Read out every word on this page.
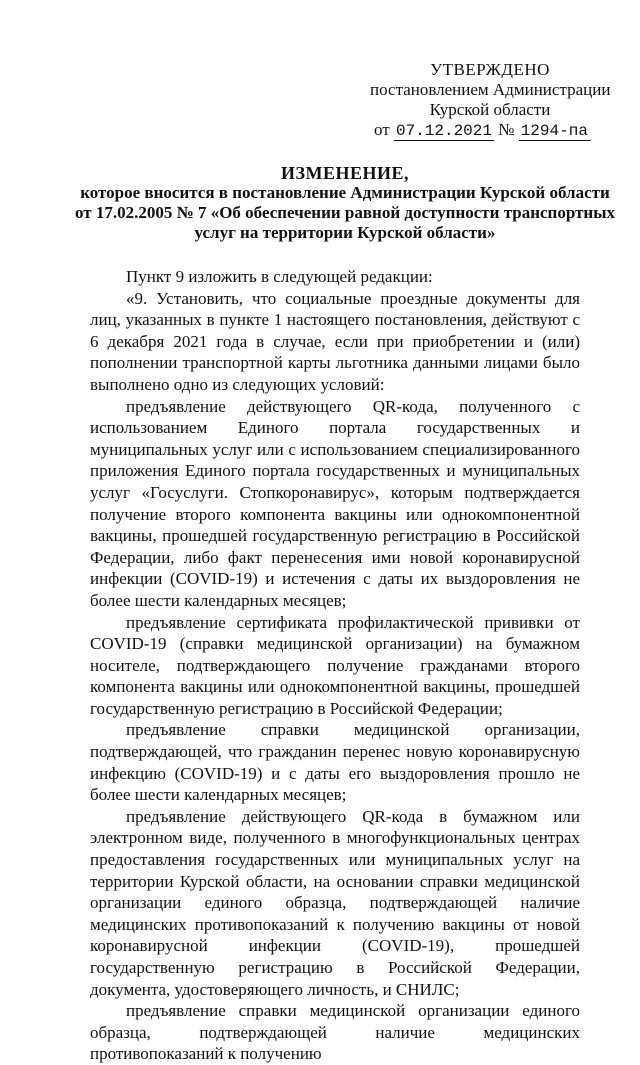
УТВЕРЖДЕНО
постановлением Администрации
Курской области
от 07.12.2021 № 1294-па
ИЗМЕНЕНИЕ,
которое вносится в постановление Администрации Курской области
от 17.02.2005 № 7 «Об обеспечении равной доступности транспортных
услуг на территории Курской области»

Пункт 9 изложить в следующей редакции:

«9. Установить, что социальные проездные документы для лиц, указанных в пункте 1 настоящего постановления, действуют с 6 декабря 2021 года в случае, если при приобретении и (или) пополнении транспортной карты льготника данными лицами было выполнено одно из следующих условий:

предъявление действующего QR-кода, полученного с использованием Единого портала государственных и муниципальных услуг или с использованием специализированного приложения Единого портала государственных и муниципальных услуг «Госуслуги. Стопкоронавирус», которым подтверждается получение второго компонента вакцины или однокомпонентной вакцины, прошедшей государственную регистрацию в Российской Федерации, либо факт перенесения ими новой коронавирусной инфекции (COVID-19) и истечения с даты их выздоровления не более шести календарных месяцев;

предъявление сертификата профилактической прививки от COVID-19 (справки медицинской организации) на бумажном носителе, подтверждающего получение гражданами второго компонента вакцины или однокомпонентной вакцины, прошедшей государственную регистрацию в Российской Федерации;

предъявление справки медицинской организации, подтверждающей, что гражданин перенес новую коронавирусную инфекцию (COVID-19) и с даты его выздоровления прошло не более шести календарных месяцев;

предъявление действующего QR-кода в бумажном или электронном виде, полученного в многофункциональных центрах предоставления государственных или муниципальных услуг на территории Курской области, на основании справки медицинской организации единого образца, подтверждающей наличие медицинских противопоказаний к получению вакцины от новой коронавирусной инфекции (COVID-19), прошедшей государственную регистрацию в Российской Федерации, документа, удостоверяющего личность, и СНИЛС;

предъявление справки медицинской организации единого образца, подтверждающей наличие медицинских противопоказаний к получению
